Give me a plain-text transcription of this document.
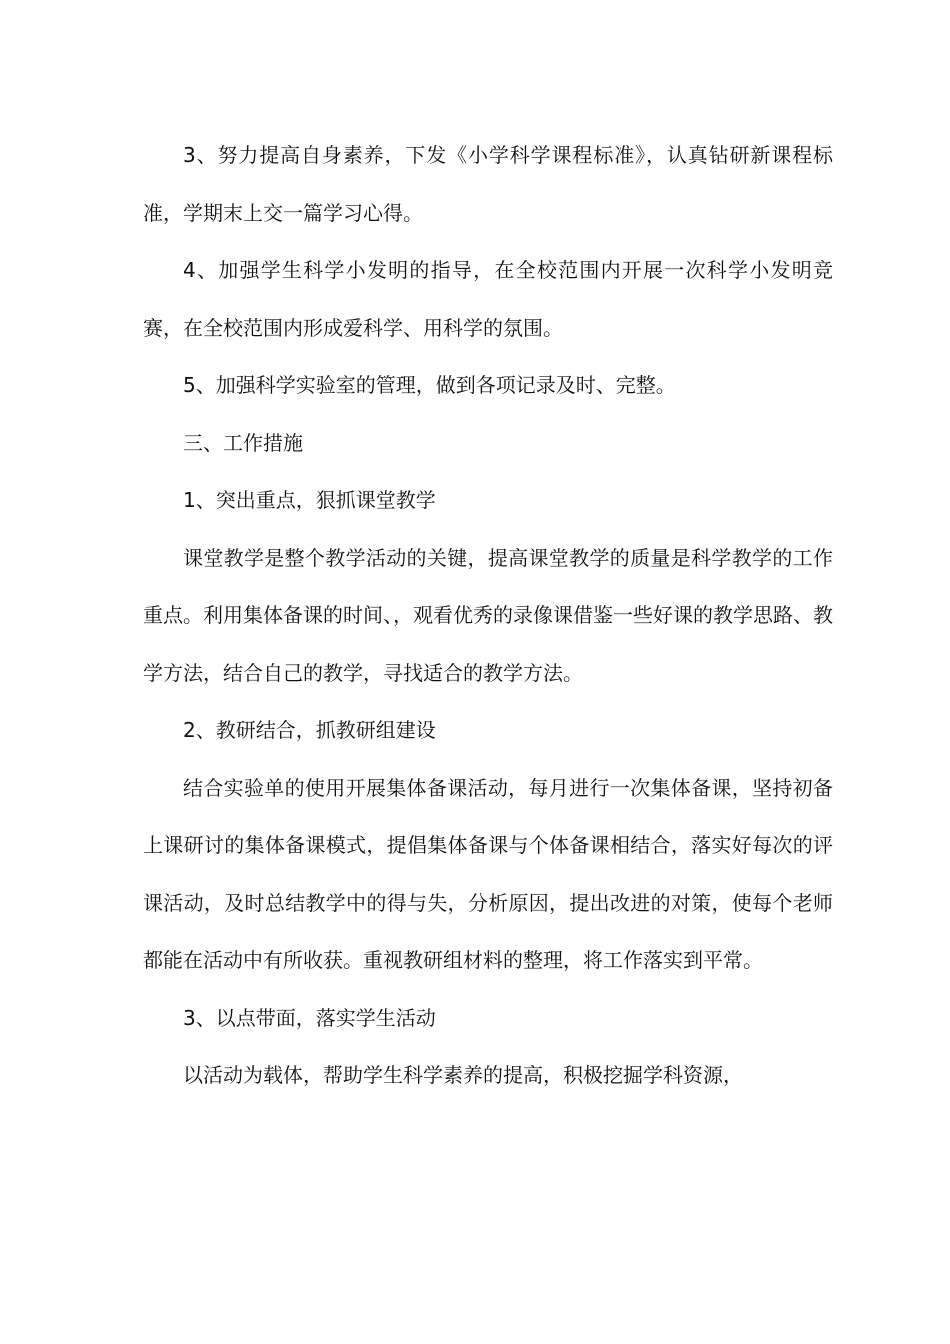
3、努力提高自身素养，下发《小学科学课程标准》，认真钻研新课程标准，学期末上交一篇学习心得。

4、加强学生科学小发明的指导，在全校范围内开展一次科学小发明竞赛，在全校范围内形成爱科学、用科学的氛围。

5、加强科学实验室的管理，做到各项记录及时、完整。

三、工作措施

1、突出重点，狠抓课堂教学

课堂教学是整个教学活动的关键，提高课堂教学的质量是科学教学的工作重点。利用集体备课的时间、，观看优秀的录像课借鉴一些好课的教学思路、教学方法，结合自己的教学，寻找适合的教学方法。

2、教研结合，抓教研组建设

结合实验单的使用开展集体备课活动，每月进行一次集体备课，坚持初备上课研讨的集体备课模式，提倡集体备课与个体备课相结合，落实好每次的评课活动，及时总结教学中的得与失，分析原因，提出改进的对策，使每个老师都能在活动中有所收获。重视教研组材料的整理，将工作落实到平常。

3、以点带面，落实学生活动

以活动为载体，帮助学生科学素养的提高，积极挖掘学科资源，
